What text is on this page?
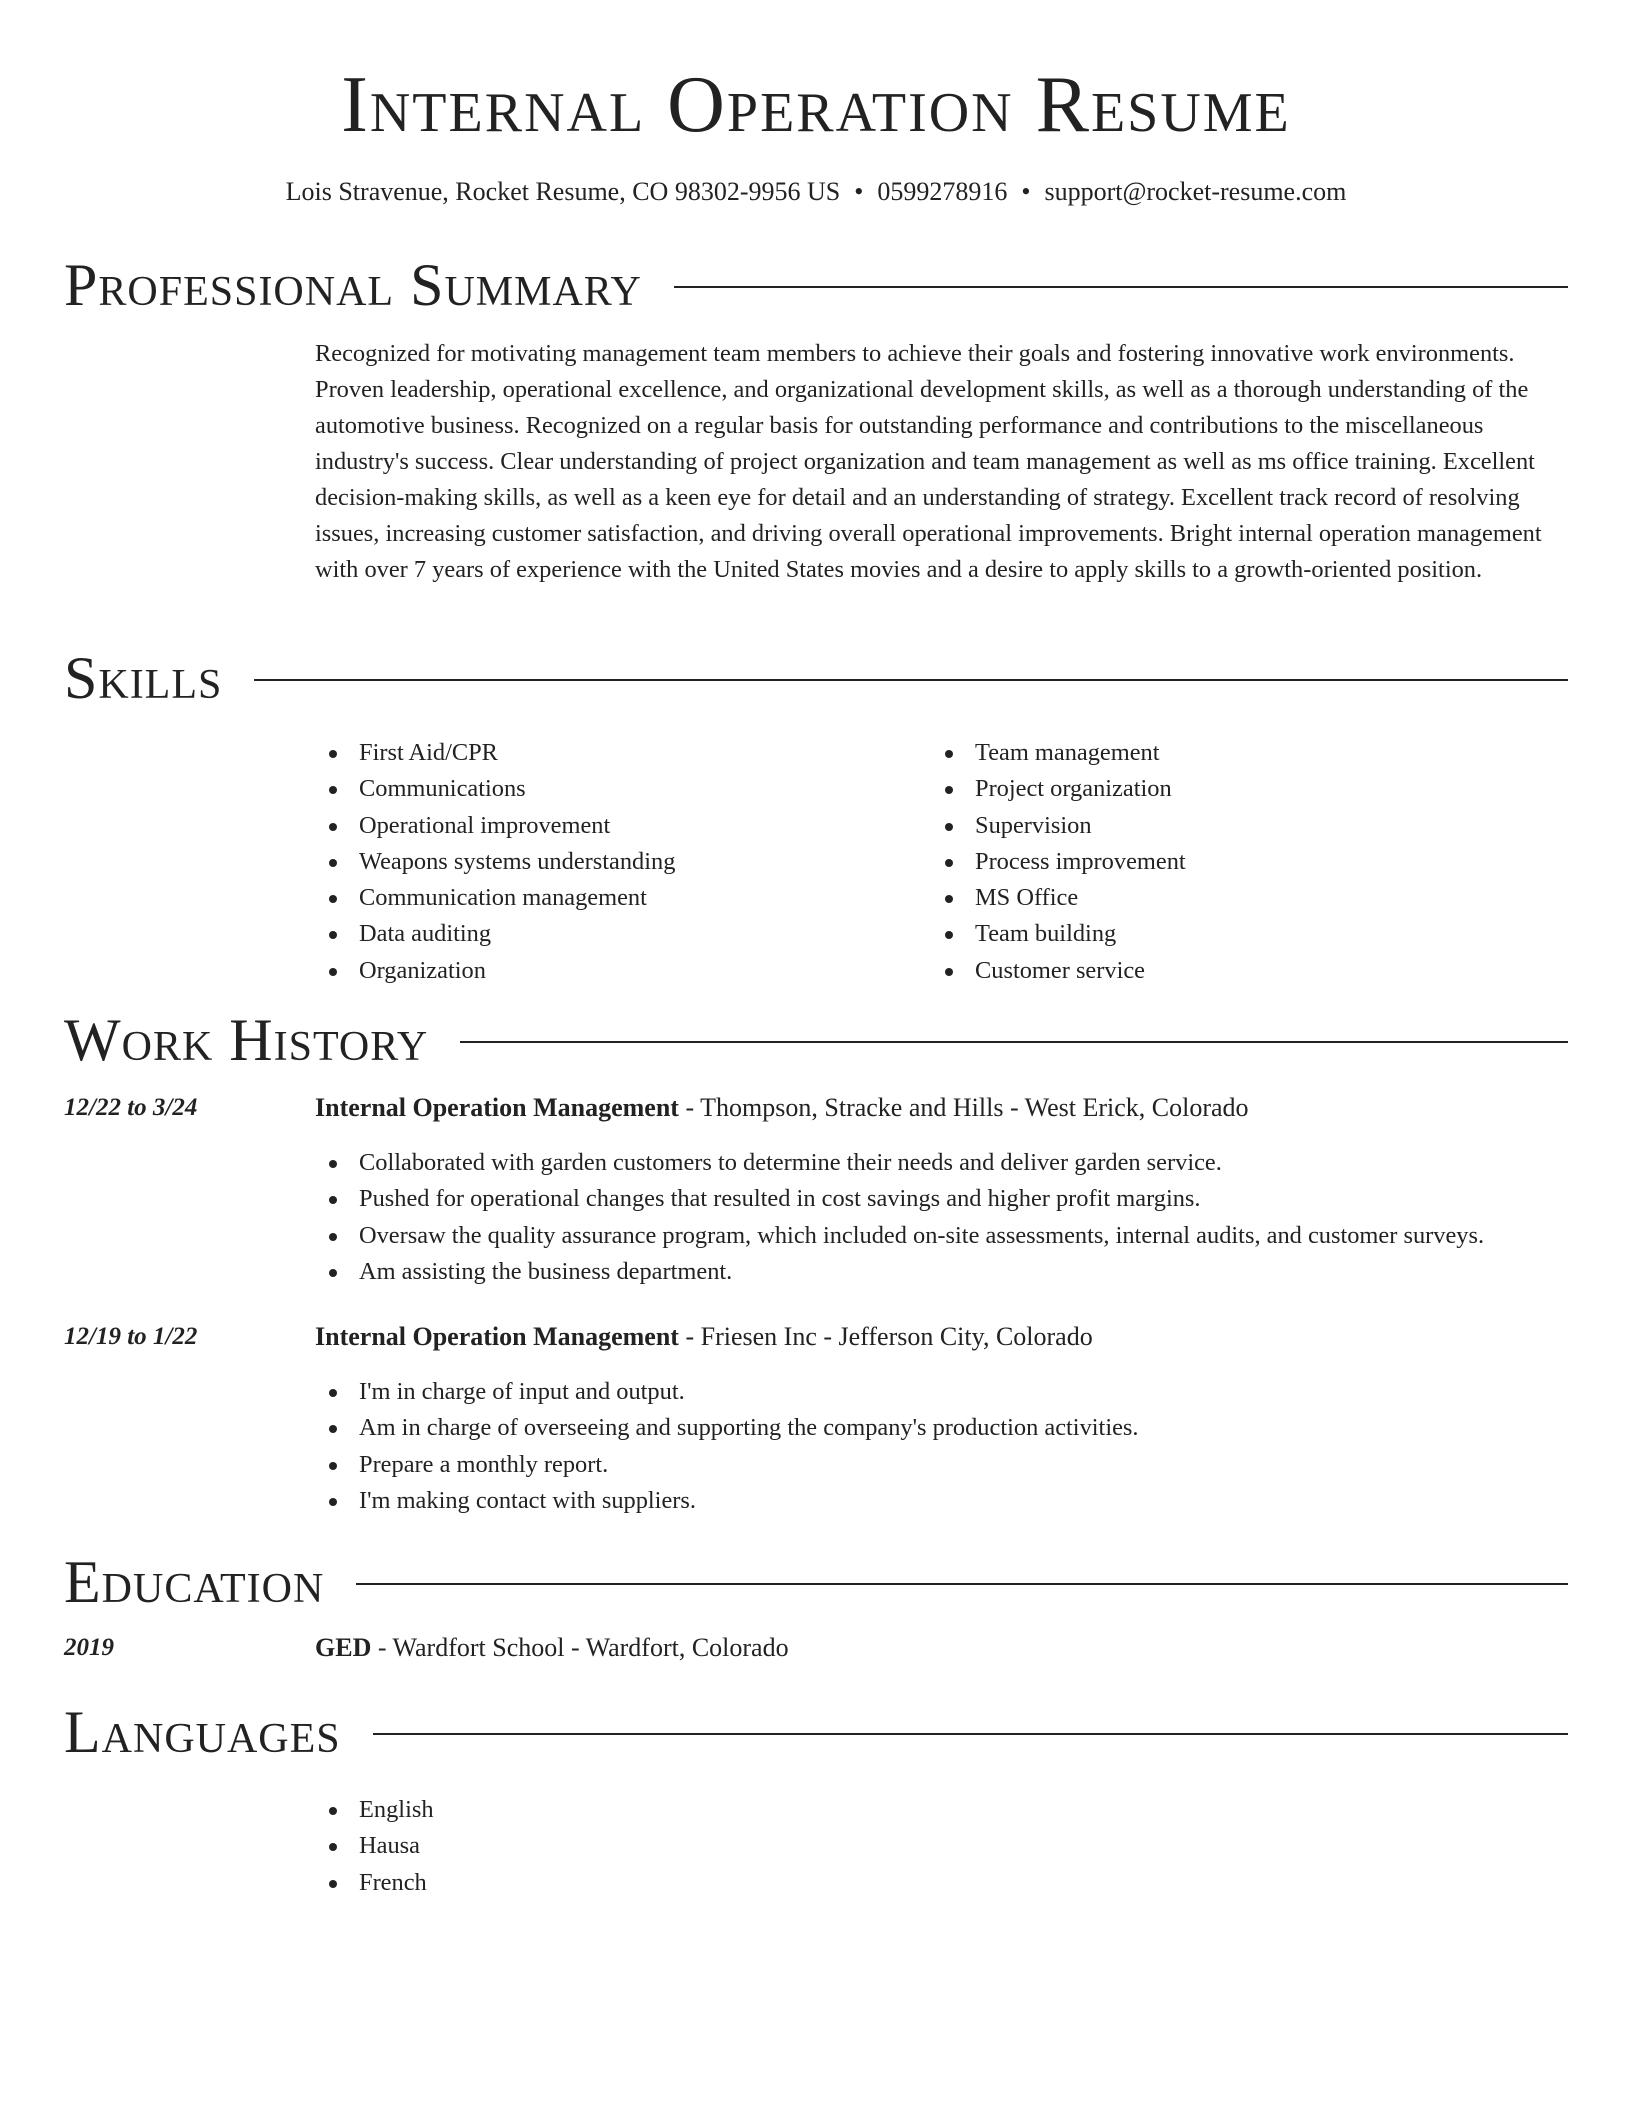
Internal Operation Resume
Lois Stravenue, Rocket Resume, CO 98302-9956 US • 0599278916 • support@rocket-resume.com
Professional Summary

Recognized for motivating management team members to achieve their goals and fostering innovative work environments. Proven leadership, operational excellence, and organizational development skills, as well as a thorough understanding of the automotive business. Recognized on a regular basis for outstanding performance and contributions to the miscellaneous industry's success. Clear understanding of project organization and team management as well as ms office training. Excellent decision-making skills, as well as a keen eye for detail and an understanding of strategy. Excellent track record of resolving issues, increasing customer satisfaction, and driving overall operational improvements. Bright internal operation management with over 7 years of experience with the United States movies and a desire to apply skills to a growth-oriented position.

Skills
First Aid/CPR
Communications
Operational improvement
Weapons systems understanding
Communication management
Data auditing
Organization
Team management
Project organization
Supervision
Process improvement
MS Office
Team building
Customer service
Work History
12/22 to 3/24	Internal Operation Management - Thompson, Stracke and Hills - West Erick, Colorado
Collaborated with garden customers to determine their needs and deliver garden service.
Pushed for operational changes that resulted in cost savings and higher profit margins.
Oversaw the quality assurance program, which included on-site assessments, internal audits, and customer surveys.
Am assisting the business department.
12/19 to 1/22	Internal Operation Management - Friesen Inc - Jefferson City, Colorado
I'm in charge of input and output.
Am in charge of overseeing and supporting the company's production activities.
Prepare a monthly report.
I'm making contact with suppliers.
Education
2019	GED - Wardfort School - Wardfort, Colorado
Languages
English
Hausa
French
